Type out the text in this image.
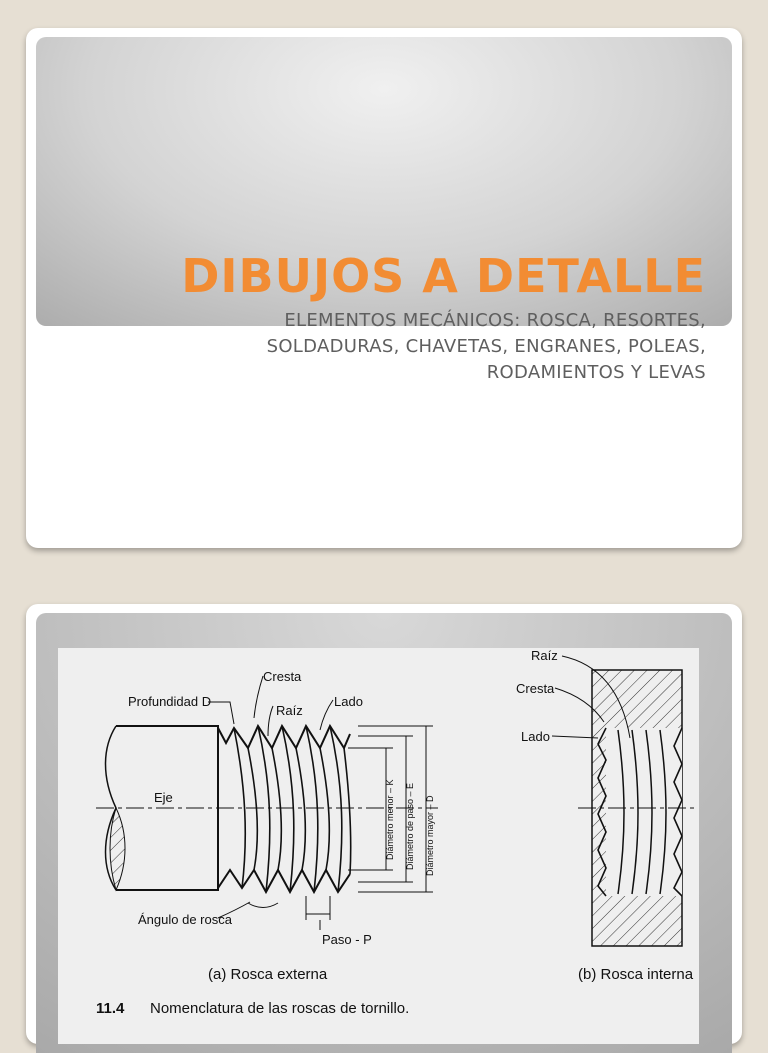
DIBUJOS A DETALLE
ELEMENTOS MECÁNICOS: ROSCA, RESORTES,
SOLDADURAS, CHAVETAS, ENGRANES, POLEAS,
RODAMIENTOS Y LEVAS
Cresta
Profundidad D
Raíz
Lado
Eje	Diámetro menor – K Diámetro de paso – E Diámetro mayor – D
Ángulo de rosca
Paso - P
Raíz
Cresta
Lado
(a) Rosca externa	(b) Rosca interna
11.4 Nomenclatura de las roscas de tornillo.
